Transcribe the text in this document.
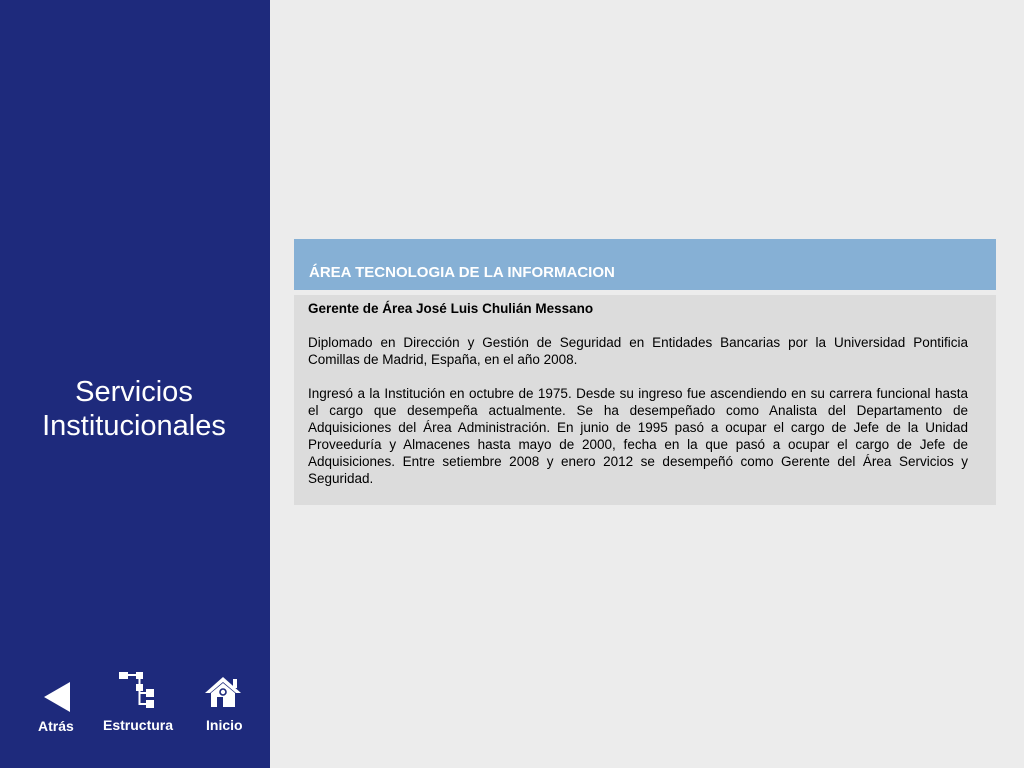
Servicios
Institucionales
Atrás Estructura Inicio
ÁREA TECNOLOGIA DE LA INFORMACION

Gerente de Área José Luis Chulián Messano

Diplomado en Dirección y Gestión de Seguridad en Entidades Bancarias por la Universidad Pontificia Comillas de Madrid, España, en el año 2008.

Ingresó a la Institución en octubre de 1975. Desde su ingreso fue ascendiendo en su carrera funcional hasta el cargo que desempeña actualmente. Se ha desempeñado como Analista del Departamento de Adquisiciones del Área Administración. En junio de 1995 pasó a ocupar el cargo de Jefe de la Unidad Proveeduría y Almacenes hasta mayo de 2000, fecha en la que pasó a ocupar el cargo de Jefe de Adquisiciones. Entre setiembre 2008 y enero 2012 se desempeñó como Gerente del Área Servicios y Seguridad.
